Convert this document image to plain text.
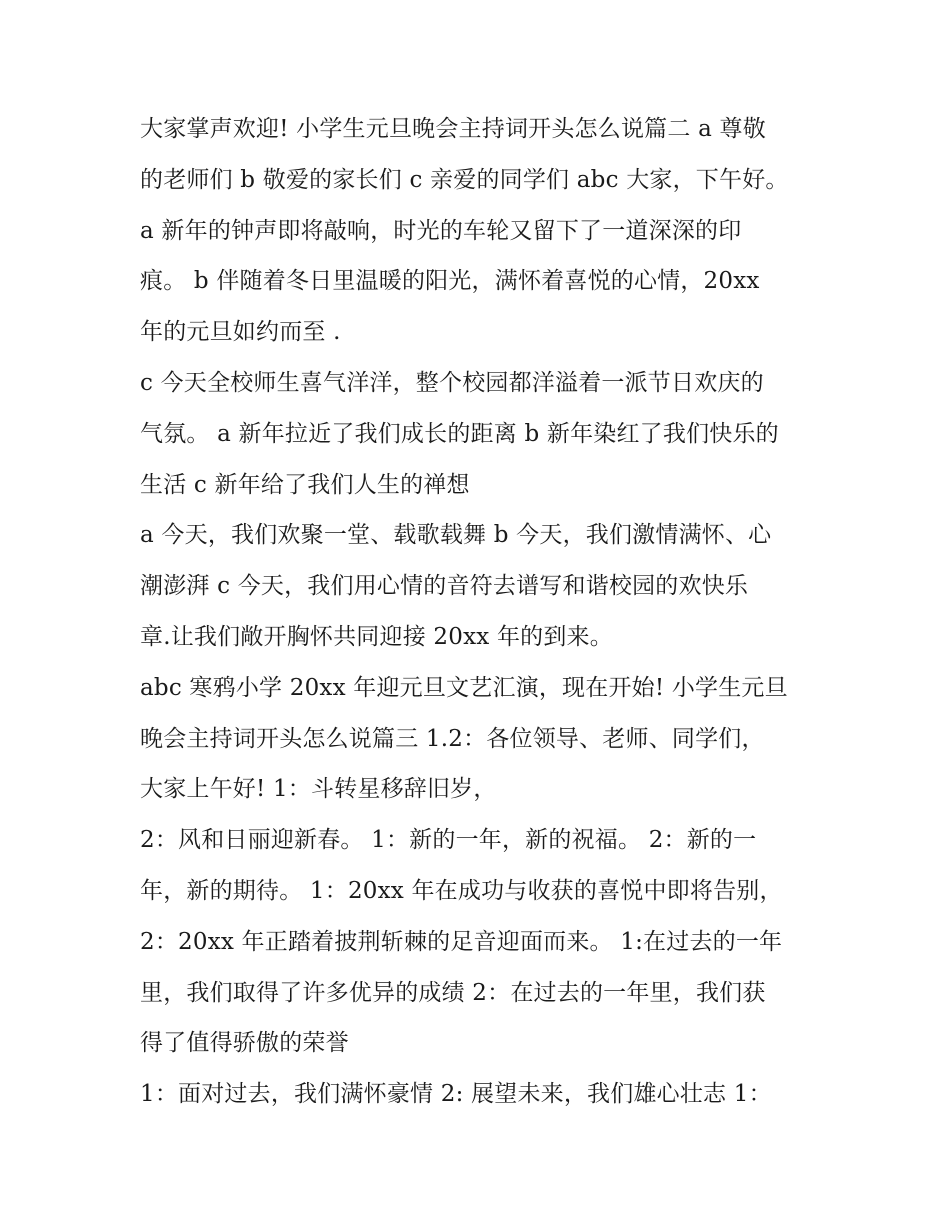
大家掌声欢迎! 小学生元旦晚会主持词开头怎么说篇二 a 尊敬
的老师们 b 敬爱的家长们 c 亲爱的同学们 abc 大家，下午好。
a 新年的钟声即将敲响，时光的车轮又留下了一道深深的印
痕。 b 伴随着冬日里温暖的阳光，满怀着喜悦的心情，20xx
年的元旦如约而至 .
c 今天全校师生喜气洋洋，整个校园都洋溢着一派节日欢庆的
气氛。 a 新年拉近了我们成长的距离 b 新年染红了我们快乐的
生活 c 新年给了我们人生的禅想
a 今天，我们欢聚一堂、载歌载舞 b 今天，我们激情满怀、心
潮澎湃 c 今天，我们用心情的音符去谱写和谐校园的欢快乐
章.让我们敞开胸怀共同迎接 20xx 年的到来。
abc 寒鸦小学 20xx 年迎元旦文艺汇演，现在开始! 小学生元旦
晚会主持词开头怎么说篇三 1.2：各位领导、老师、同学们，
大家上午好! 1：斗转星移辞旧岁，
2：风和日丽迎新春。 1：新的一年，新的祝福。 2：新的一
年，新的期待。 1：20xx 年在成功与收获的喜悦中即将告别，
2：20xx 年正踏着披荆斩棘的足音迎面而来。 1:在过去的一年
里，我们取得了许多优异的成绩 2：在过去的一年里，我们获
得了值得骄傲的荣誉
1：面对过去，我们满怀豪情 2: 展望未来，我们雄心壮志 1：
